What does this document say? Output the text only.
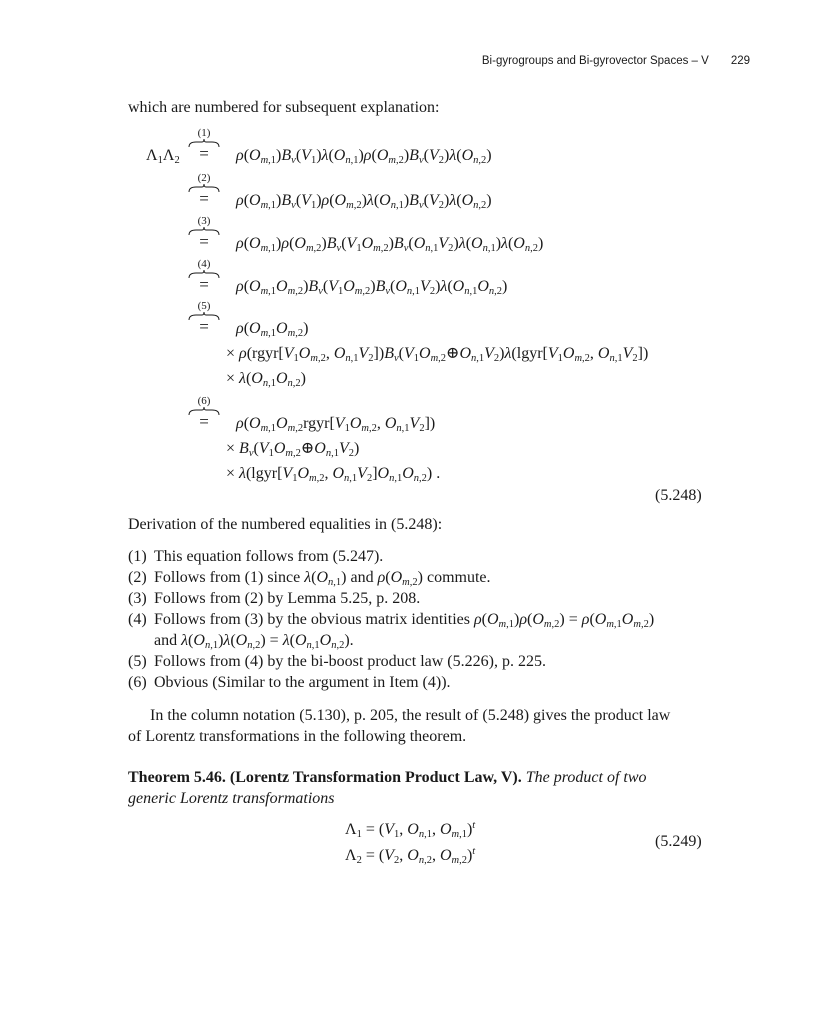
Bi-gyrogroups and Bi-gyrovector Spaces – V 229
which are numbered for subsequent explanation:
$\Lambda_1\Lambda_2$
(1)
=	$\rho(O_{m,1})B_v(V_1)\lambda(O_{n,1})\rho(O_{m,2})B_v(V_2)\lambda(O_{n,2})$
(2)
=	$\rho(O_{m,1})B_v(V_1)\rho(O_{m,2})\lambda(O_{n,1})B_v(V_2)\lambda(O_{n,2})$
(3)
=	$\rho(O_{m,1})\rho(O_{m,2})B_v(V_1O_{m,2})B_v(O_{n,1}V_2)\lambda(O_{n,1})\lambda(O_{n,2})$
(4)
=	$\rho(O_{m,1}O_{m,2})B_v(V_1O_{m,2})B_v(O_{n,1}V_2)\lambda(O_{n,1}O_{n,2})$
(5)
=	$\rho(O_{m,1}O_{m,2})$
× $\rho(rgyr[V_1O_{m,2}$, $O_{n,1}V_2])B_v(V_1O_{m,2}\oplus O_{n,1}V_2)\lambda(lgyr[V_1O_{m,2}$, $O_{n,1}V_2$])
× $\lambda(O_{n,1}O_{n,2})$
(6)
=	$\rho(O_{m,1}O_{m,2}rgyr[V_1O_{m,2}$, $O_{n,1}V_2$])
× $B_v(V_1O_{m,2}\oplus O_{n,1}V_2)$
× $\lambda(lgyr[V_1O_{m,2}$, $O_{n,1}V_2]O_{n,1}O_{n,2}$) .
(5.248)
Derivation of the numbered equalities in (5.248):
(1) This equation follows from (5.247).
(2) Follows from (1) since $\lambda(O_{n,1})$ and $\rho(O_{m,2})$ commute.
(3) Follows from (2) by Lemma 5.25, p. 208.
(4) Follows from (3) by the obvious matrix identities $\rho(O_{m,1})\rho(O_{m,2}) = \rho(O_{m,1}O_{m,2})$
and $\lambda(O_{n,1})\lambda(O_{n,2}) = \lambda(O_{n,1}O_{n,2})$.
(5) Follows from (4) by the bi-boost product law (5.226), p. 225.
(6) Obvious (Similar to the argument in Item (4)).
In the column notation (5.130), p. 205, the result of (5.248) gives the product law
of Lorentz transformations in the following theorem.
Theorem 5.46. (Lorentz Transformation Product Law, V). The product of two
generic Lorentz transformations
$\Lambda_1 = (V_1$, $O_{n,1}$, $O_{m,1})^t$
$\Lambda_2 = (V_2$, $O_{n,2}$, $O_{m,2})^t$
(5.249)
